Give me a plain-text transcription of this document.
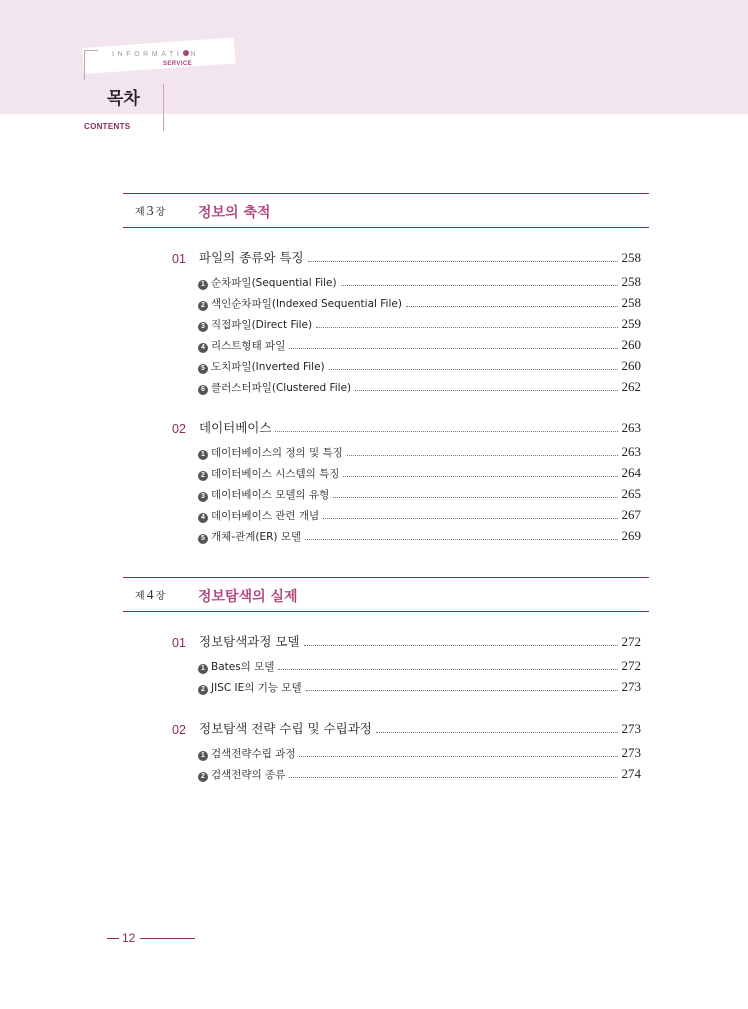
INFORMATI N
SERVICE
목차
CONTENTS
제 3 장 정보의 축적
01	파일의 종류와 특징	258
1 순차파일(Sequential File)	258
2 색인순차파일(Indexed Sequential File)	258
3 직접파일(Direct File)	259
4 리스트형태 파일	260
5 도치파일(Inverted File)	260
6 클러스터파일(Clustered File)	262
02	데이터베이스	263
1 데이터베이스의 정의 및 특징	263
2 데이터베이스 시스템의 특징	264
3 데이터베이스 모델의 유형	265
4 데이터베이스 관련 개념	267
5 개체-관계(ER) 모델	269
제 4 장 정보탐색의 실제
01	정보탐색과정 모델	272
1 Bates의 모델	272
2 JISC IE의 기능 모델	273
02	정보탐색 전략 수립 및 수립과정	273
1 검색전략수립 과정	273
2 검색전략의 종류	274
12
